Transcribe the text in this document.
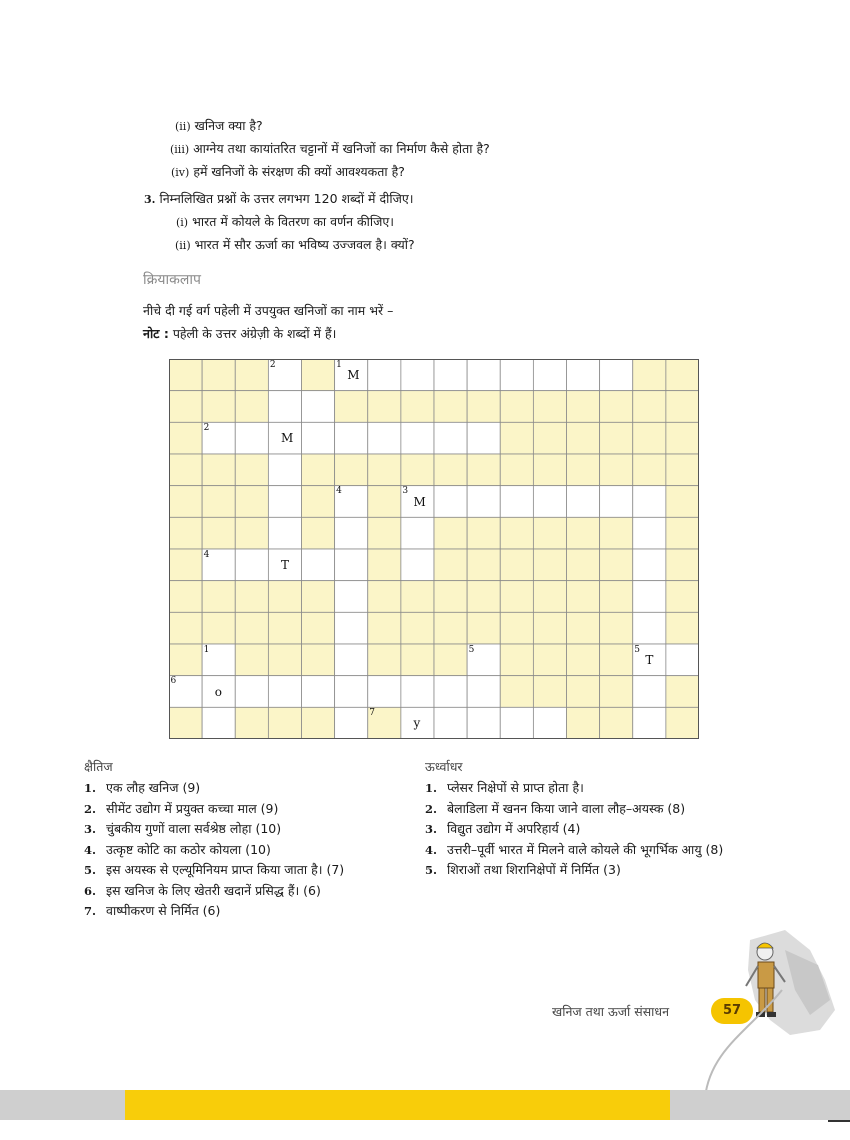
(ii) खनिज क्या है?
(iii) आग्नेय तथा कायांतरित चट्टानों में खनिजों का निर्माण कैसे होता है?
(iv) हमें खनिजों के संरक्षण की क्यों आवश्यकता है?
3. निम्नलिखित प्रश्नों के उत्तर लगभग 120 शब्दों में दीजिए।
(i) भारत में कोयले के वितरण का वर्णन कीजिए।
(ii) भारत में सौर ऊर्जा का भविष्य उज्जवल है। क्यों?
क्रियाकलाप
नीचे दी गई वर्ग पहेली में उपयुक्त खनिजों का नाम भरें –
नोट : पहेली के उत्तर अंग्रेज़ी के शब्दों में हैं।
2	1
2
4	3
4
1	5	5
6
7
M
M
M
T
T
o
y
क्षैतिज
1. एक लौह खनिज (9)
2. सीमेंट उद्योग में प्रयुक्त कच्चा माल (9)
3. चुंबकीय गुणों वाला सर्वश्रेष्ठ लोहा (10)
4. उत्कृष्ट कोटि का कठोर कोयला (10)
5. इस अयस्क से एल्यूमिनियम प्राप्त किया जाता है। (7)
6. इस खनिज के लिए खेतरी खदानें प्रसिद्ध हैं। (6)
7. वाष्पीकरण से निर्मित (6)
ऊर्ध्वाधर
1. प्लेसर निक्षेपों से प्राप्त होता है।
2. बेलाडिला में खनन किया जाने वाला लौह–अयस्क (8)
3. विद्युत उद्योग में अपरिहार्य (4)
4. उत्तरी–पूर्वी भारत में मिलने वाले कोयले की भूगर्भिक आयु (8)
5. शिराओं तथा शिरानिक्षेपों में निर्मित (3)
खनिज तथा ऊर्जा संसाधन	57
